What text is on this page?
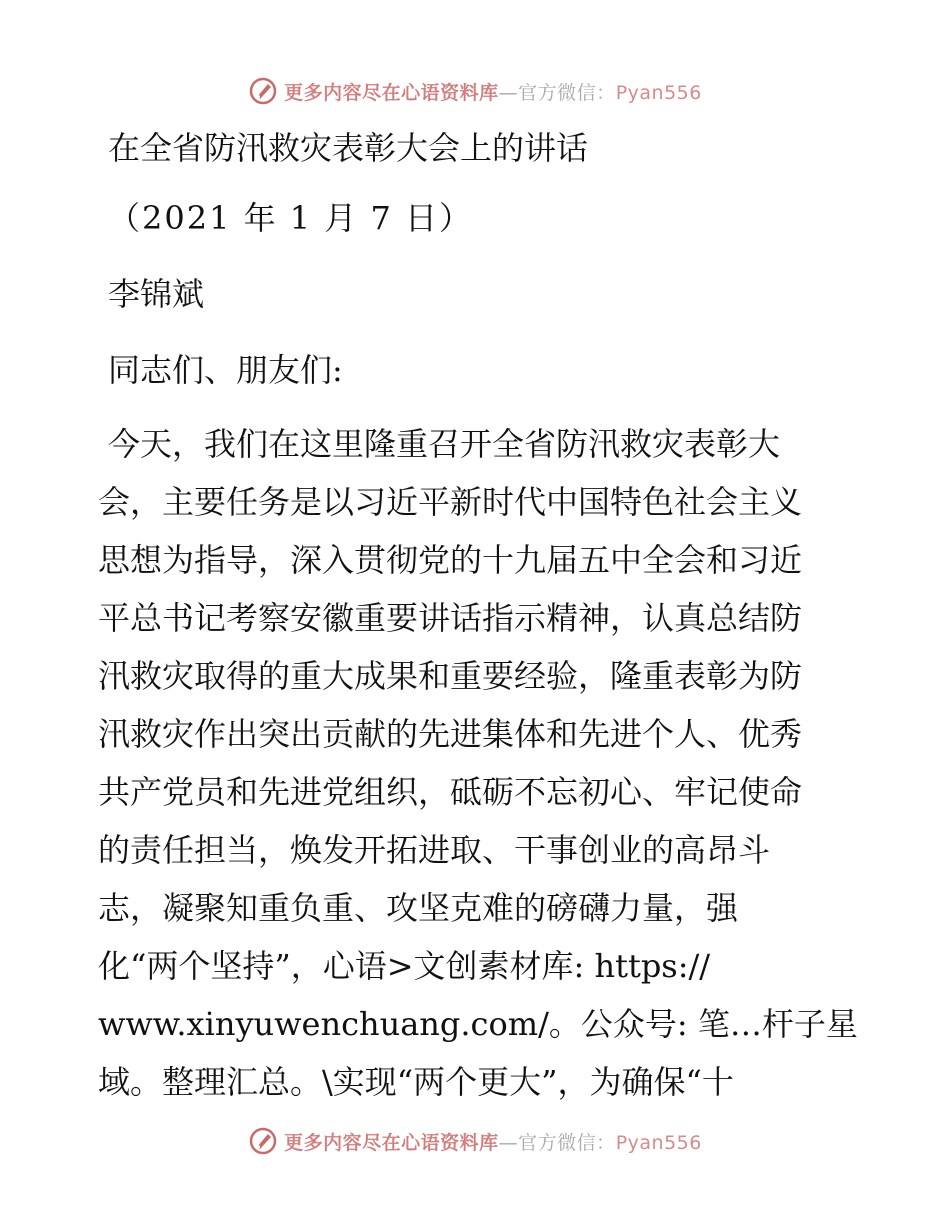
更多内容尽在心语资料库—官方微信：Pyan556
在全省防汛救灾表彰大会上的讲话
（2021 年 1 月 7 日）
李锦斌
同志们、朋友们:
今天，我们在这里隆重召开全省防汛救灾表彰大
会，主要任务是以习近平新时代中国特色社会主义
思想为指导，深入贯彻党的十九届五中全会和习近
平总书记考察安徽重要讲话指示精神，认真总结防
汛救灾取得的重大成果和重要经验，隆重表彰为防
汛救灾作出突出贡献的先进集体和先进个人、优秀
共产党员和先进党组织，砥砺不忘初心、牢记使命
的责任担当，焕发开拓进取、干事创业的高昂斗
志，凝聚知重负重、攻坚克难的磅礴力量，强
化“两个坚持”，心语>文创素材库: https://
www.xinyuwenchuang.com/。公众号: 笔…杆子星
域。整理汇总。\实现“两个更大”，为确保“十
更多内容尽在心语资料库—官方微信：Pyan556
